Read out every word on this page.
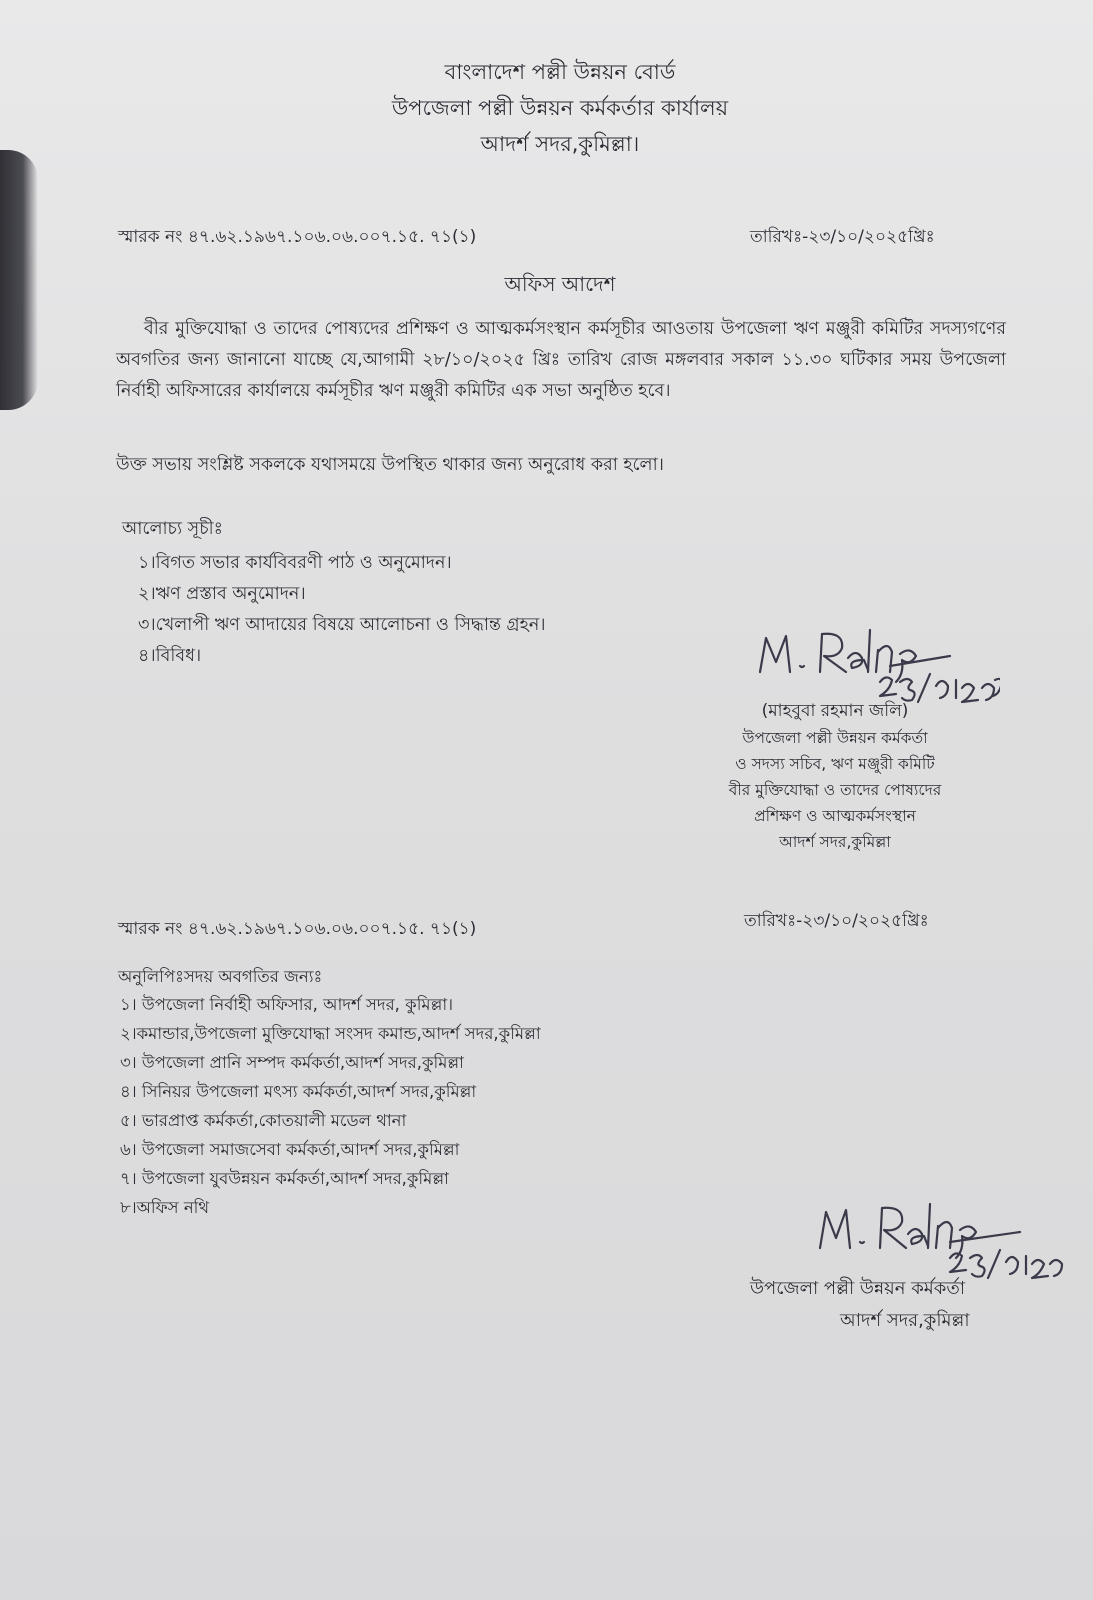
বাংলাদেশ পল্লী উন্নয়ন বোর্ড
উপজেলা পল্লী উন্নয়ন কর্মকর্তার কার্যালয়
আদর্শ সদর,কুমিল্লা।
স্মারক নং ৪৭.৬২.১৯৬৭.১০৬.০৬.০০৭.১৫. ৭১(১)	তারিখঃ-২৩/১০/২০২৫খ্রিঃ
অফিস আদেশ
বীর মুক্তিযোদ্ধা ও তাদের পোষ্যদের প্রশিক্ষণ ও আত্মকর্মসংস্থান কর্মসূচীর আওতায় উপজেলা ঋণ মঞ্জুরী কমিটির সদস্যগণের অবগতির জন্য জানানো যাচ্ছে যে,আগামী ২৮/১০/২০২৫ খ্রিঃ তারিখ রোজ মঙ্গলবার সকাল ১১.৩০ ঘটিকার সময় উপজেলা নির্বাহী অফিসারের কার্যালয়ে কর্মসূচীর ঋণ মঞ্জুরী কমিটির এক সভা অনুষ্ঠিত হবে।
উক্ত সভায় সংশ্লিষ্ট সকলকে যথাসময়ে উপস্থিত থাকার জন্য অনুরোধ করা হলো।
আলোচ্য সূচীঃ
১।বিগত সভার কার্যবিবরণী পাঠ ও অনুমোদন।
২।ঋণ প্রস্তাব অনুমোদন।
৩।খেলাপী ঋণ আদায়ের বিষয়ে আলোচনা ও সিদ্ধান্ত গ্রহন।
৪।বিবিধ।
(মাহবুবা রহমান জলি)
উপজেলা পল্লী উন্নয়ন কর্মকর্তা
ও সদস্য সচিব, ঋণ মঞ্জুরী কমিটি
বীর মুক্তিযোদ্ধা ও তাদের পোষ্যদের
প্রশিক্ষণ ও আত্মকর্মসংস্থান
আদর্শ সদর,কুমিল্লা
স্মারক নং ৪৭.৬২.১৯৬৭.১০৬.০৬.০০৭.১৫. ৭১(১)	তারিখঃ-২৩/১০/২০২৫খ্রিঃ
অনুলিপিঃসদয় অবগতির জন্যঃ
১। উপজেলা নির্বাহী অফিসার, আদর্শ সদর, কুমিল্লা।
২।কমান্ডার,উপজেলা মুক্তিযোদ্ধা সংসদ কমান্ড,আদর্শ সদর,কুমিল্লা
৩। উপজেলা প্রানি সম্পদ কর্মকর্তা,আদর্শ সদর,কুমিল্লা
৪। সিনিয়র উপজেলা মৎস্য কর্মকর্তা,আদর্শ সদর,কুমিল্লা
৫। ভারপ্রাপ্ত কর্মকর্তা,কোতয়ালী মডেল থানা
৬। উপজেলা সমাজসেবা কর্মকর্তা,আদর্শ সদর,কুমিল্লা
৭। উপজেলা যুবউন্নয়ন কর্মকর্তা,আদর্শ সদর,কুমিল্লা
৮।অফিস নথি
উপজেলা পল্লী উন্নয়ন কর্মকর্তা
আদর্শ সদর,কুমিল্লা
